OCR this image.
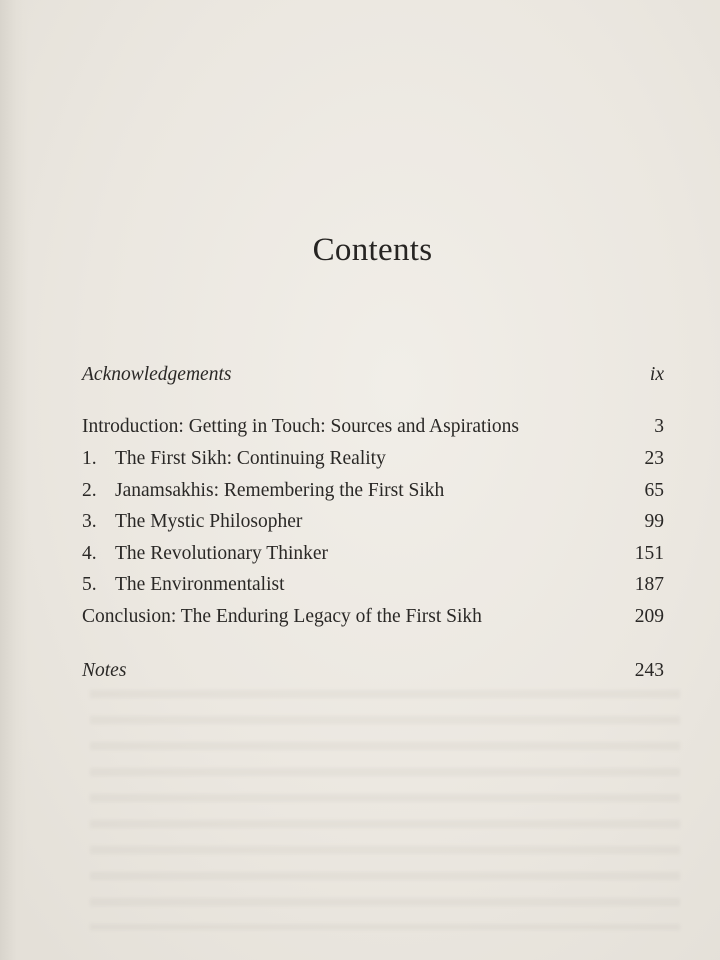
Contents
Acknowledgements	ix
Introduction: Getting in Touch: Sources and Aspirations	3
1. The First Sikh: Continuing Reality	23
2. Janamsakhis: Remembering the First Sikh	65
3. The Mystic Philosopher	99
4. The Revolutionary Thinker	151
5. The Environmentalist	187
Conclusion: The Enduring Legacy of the First Sikh	209
Notes	243
